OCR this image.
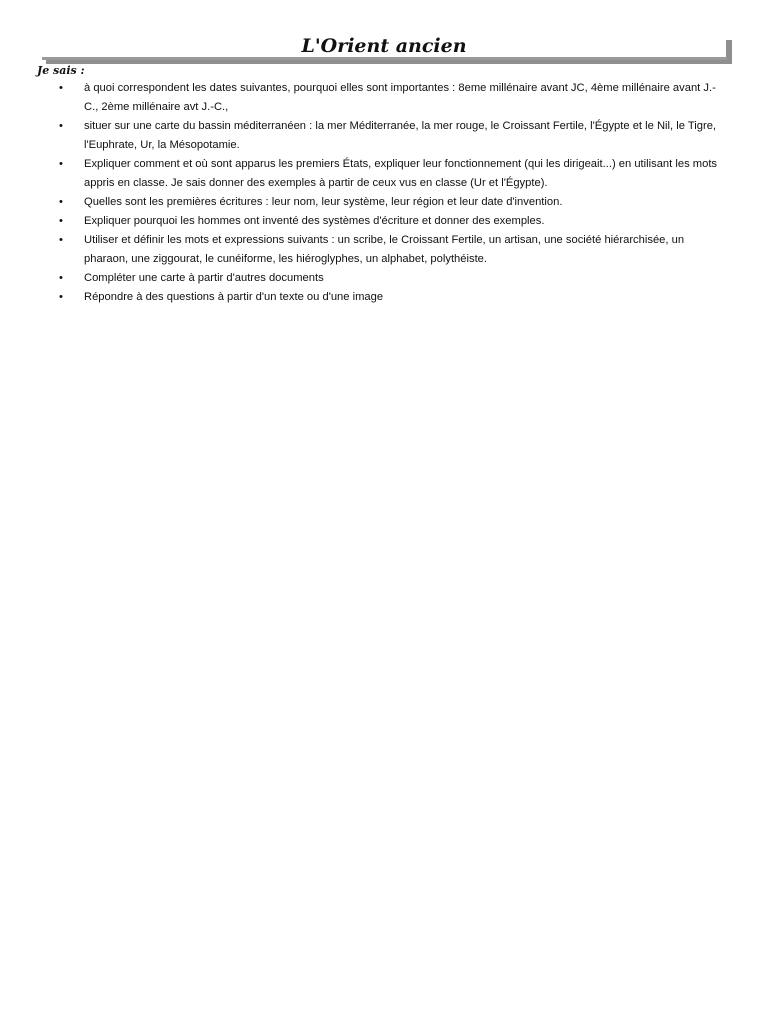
L'Orient ancien
Je sais :
•	à quoi correspondent les dates suivantes, pourquoi elles sont importantes : 8eme millénaire avant JC, 4ème millénaire avant J.-C., 2ème millénaire avt J.-C.,
•	situer sur une carte du bassin méditerranéen : la mer Méditerranée, la mer rouge, le Croissant Fertile, l'Égypte et le Nil, le Tigre, l'Euphrate, Ur, la Mésopotamie.
•	Expliquer comment et où sont apparus les premiers États, expliquer leur fonctionnement (qui les dirigeait...) en utilisant les mots appris en classe. Je sais donner des exemples à partir de ceux vus en classe (Ur et l'Égypte).
•	Quelles sont les premières écritures : leur nom, leur système, leur région et leur date d'invention.
•	Expliquer pourquoi les hommes ont inventé des systèmes d'écriture et donner des exemples.
•	Utiliser et définir les mots et expressions suivants : un scribe, le Croissant Fertile, un artisan, une société hiérarchisée, un pharaon, une ziggourat, le cunéiforme, les hiéroglyphes, un alphabet, polythéiste.
•	Compléter une carte à partir d'autres documents
•	Répondre à des questions à partir d'un texte ou d'une image
